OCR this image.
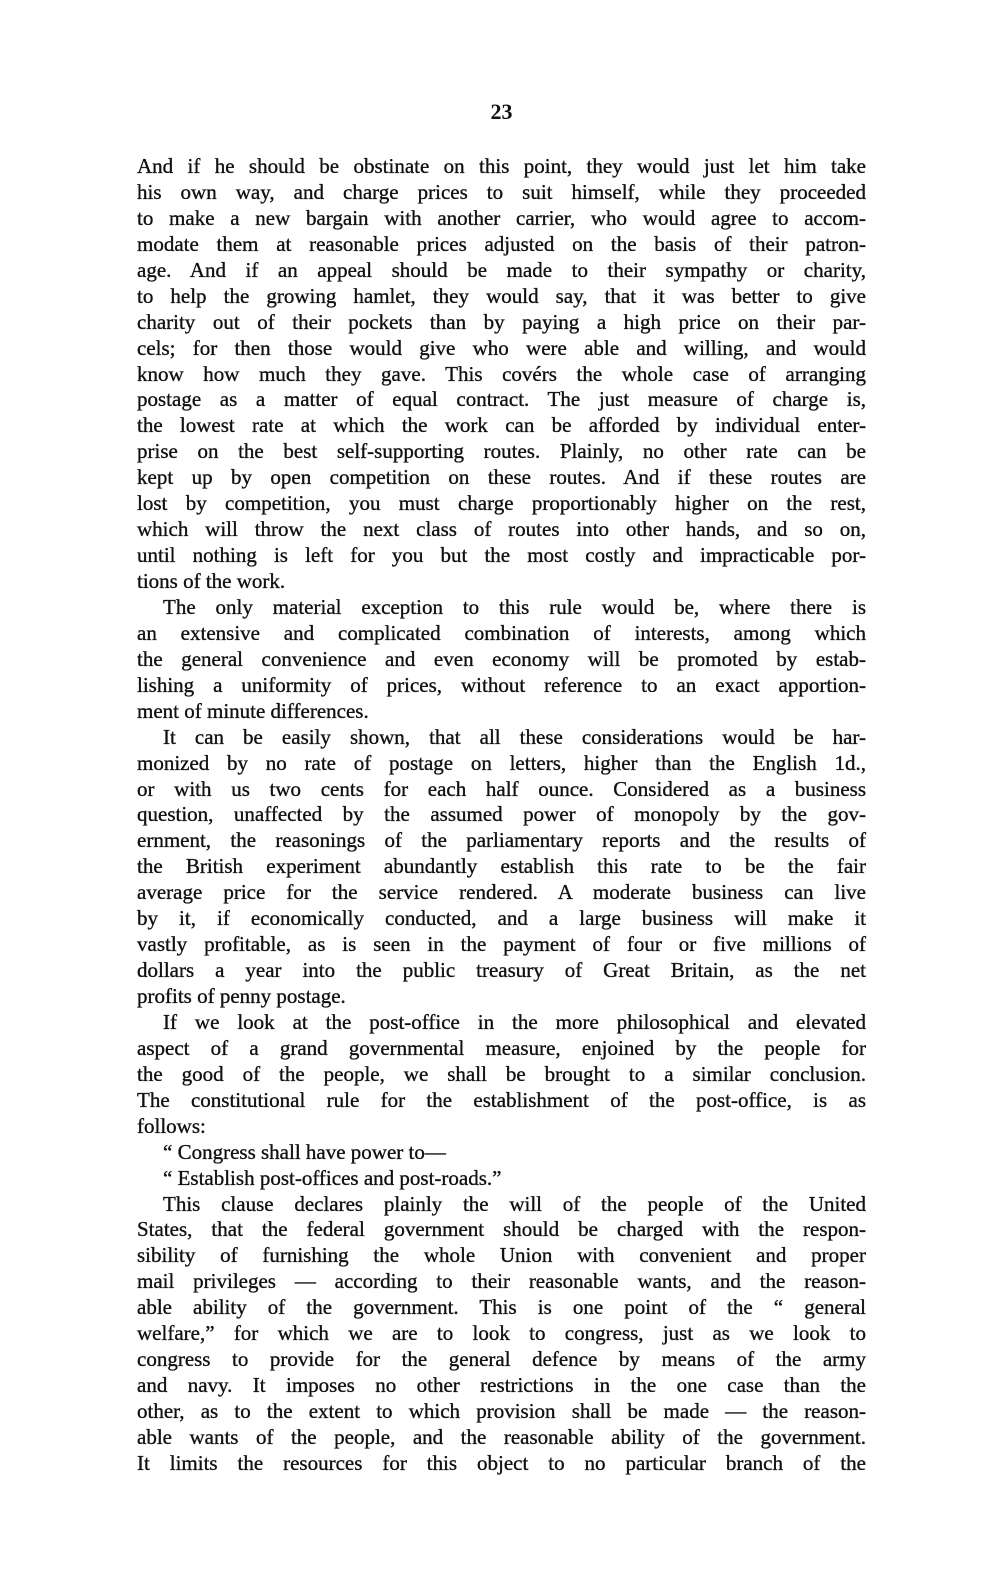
23
And if he should be obstinate on this point, they would just let him take
his own way, and charge prices to suit himself, while they proceeded
to make a new bargain with another carrier, who would agree to accom-
modate them at reasonable prices adjusted on the basis of their patron-
age. And if an appeal should be made to their sympathy or charity,
to help the growing hamlet, they would say, that it was better to give
charity out of their pockets than by paying a high price on their par-
cels; for then those would give who were able and willing, and would
know how much they gave. This covérs the whole case of arranging
postage as a matter of equal contract. The just measure of charge is,
the lowest rate at which the work can be afforded by individual enter-
prise on the best self-supporting routes. Plainly, no other rate can be
kept up by open competition on these routes. And if these routes are
lost by competition, you must charge proportionably higher on the rest,
which will throw the next class of routes into other hands, and so on,
until nothing is left for you but the most costly and impracticable por-
tions of the work.
The only material exception to this rule would be, where there is
an extensive and complicated combination of interests, among which
the general convenience and even economy will be promoted by estab-
lishing a uniformity of prices, without reference to an exact apportion-
ment of minute differences.
It can be easily shown, that all these considerations would be har-
monized by no rate of postage on letters, higher than the English 1d.,
or with us two cents for each half ounce. Considered as a business
question, unaffected by the assumed power of monopoly by the gov-
ernment, the reasonings of the parliamentary reports and the results of
the British experiment abundantly establish this rate to be the fair
average price for the service rendered. A moderate business can live
by it, if economically conducted, and a large business will make it
vastly profitable, as is seen in the payment of four or five millions of
dollars a year into the public treasury of Great Britain, as the net
profits of penny postage.
If we look at the post-office in the more philosophical and elevated
aspect of a grand governmental measure, enjoined by the people for
the good of the people, we shall be brought to a similar conclusion.
The constitutional rule for the establishment of the post-office, is as
follows:
“ Congress shall have power to—
“ Establish post-offices and post-roads.”
This clause declares plainly the will of the people of the United
States, that the federal government should be charged with the respon-
sibility of furnishing the whole Union with convenient and proper
mail privileges — according to their reasonable wants, and the reason-
able ability of the government. This is one point of the “ general
welfare,” for which we are to look to congress, just as we look to
congress to provide for the general defence by means of the army
and navy. It imposes no other restrictions in the one case than the
other, as to the extent to which provision shall be made — the reason-
able wants of the people, and the reasonable ability of the government.
It limits the resources for this object to no particular branch of the
